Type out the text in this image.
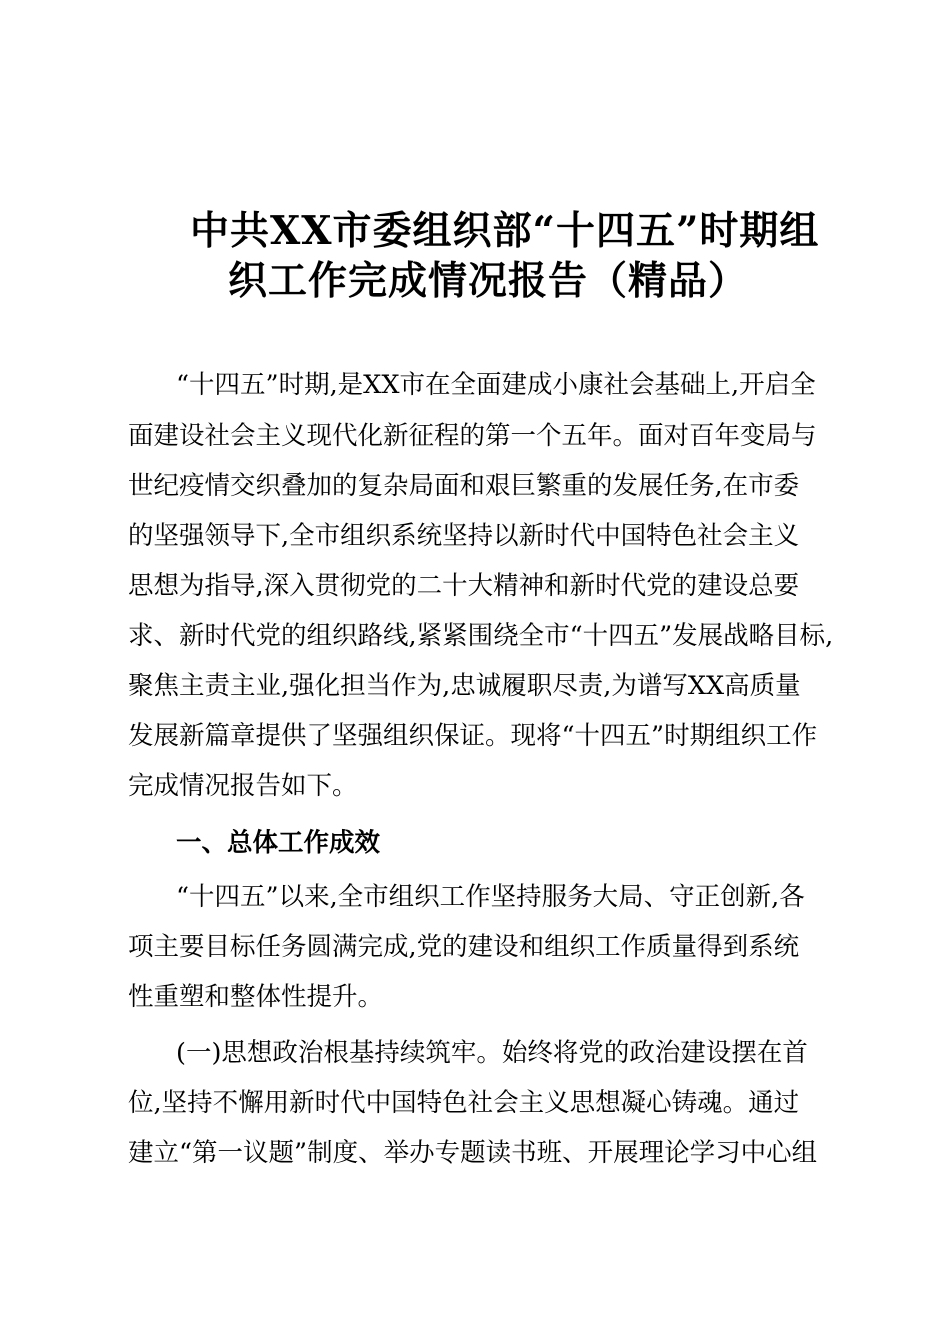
中共XX市委组织部“十四五”时期组
织工作完成情况报告（精品）
“十四五”时期,是XX市在全面建成小康社会基础上,开启全
面建设社会主义现代化新征程的第一个五年。面对百年变局与
世纪疫情交织叠加的复杂局面和艰巨繁重的发展任务,在市委
的坚强领导下,全市组织系统坚持以新时代中国特色社会主义
思想为指导,深入贯彻党的二十大精神和新时代党的建设总要
求、新时代党的组织路线,紧紧围绕全市“十四五”发展战略目标,
聚焦主责主业,强化担当作为,忠诚履职尽责,为谱写XX高质量
发展新篇章提供了坚强组织保证。现将“十四五”时期组织工作
完成情况报告如下。
一、总体工作成效
“十四五”以来,全市组织工作坚持服务大局、守正创新,各
项主要目标任务圆满完成,党的建设和组织工作质量得到系统
性重塑和整体性提升。
(一)思想政治根基持续筑牢。始终将党的政治建设摆在首
位,坚持不懈用新时代中国特色社会主义思想凝心铸魂。通过
建立“第一议题”制度、举办专题读书班、开展理论学习中心组
